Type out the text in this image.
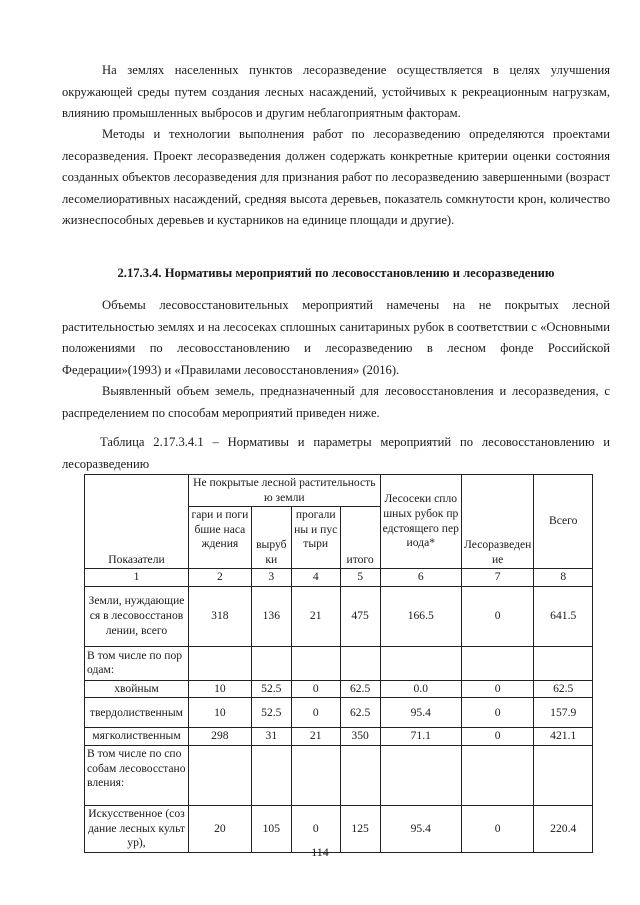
На землях населенных пунктов лесоразведение осуществляется в целях улучшения окружающей среды путем создания лесных насаждений, устойчивых к рекреационным нагрузкам, влиянию промышленных выбросов и другим неблагоприятным факторам.

Методы и технологии выполнения работ по лесоразведению определяются проектами лесоразведения. Проект лесоразведения должен содержать конкретные критерии оценки состояния созданных объектов лесоразведения для признания работ по лесоразведению завершенными (возраст лесомелиоративных насаждений, средняя высота деревьев, показатель сомкнутости крон, количество жизнеспособных деревьев и кустарников на единице площади и другие).

2.17.3.4. Нормативы мероприятий по лесовосстановлению и лесоразведению

Объемы лесовосстановительных мероприятий намечены на не покрытых лесной растительностью землях и на лесосеках сплошных санитариных рубок в соответствии с «Основными положениями по лесовосстановлению и лесоразведению в лесном фонде Российской Федерации»(1993) и «Правилами лесовосстановления» (2016).

Выявленный объем земель, предназначенный для лесовосстановления и лесоразведения, с распределением по способам мероприятий приведен ниже.

Таблица 2.17.3.4.1 – Нормативы и параметры мероприятий по лесовосстановлению и лесоразведению

Показатели	Не покрытые лесной растительностью земли				Лесосеки сплошных рубок предстоящего периода*	Лесоразведение	Всего
	гари и погибшие насаждения	вырубки	прогалины и пустыри	итого			
1	2	3	4	5	6	7	8
Земли, нуждающиеся в лесовосстановлении, всего	318	136	21	475	166.5	0	641.5
В том числе по породам:							
хвойным	10	52.5	0	62.5	0.0	0	62.5
твердолиственным	10	52.5	0	62.5	95.4	0	157.9
мягколиственным	298	31	21	350	71.1	0	421.1
В том числе по способам лесовосстановления:							
Искусственное (создание лесных культур),	20	105	0	125	95.4	0	220.4
114
